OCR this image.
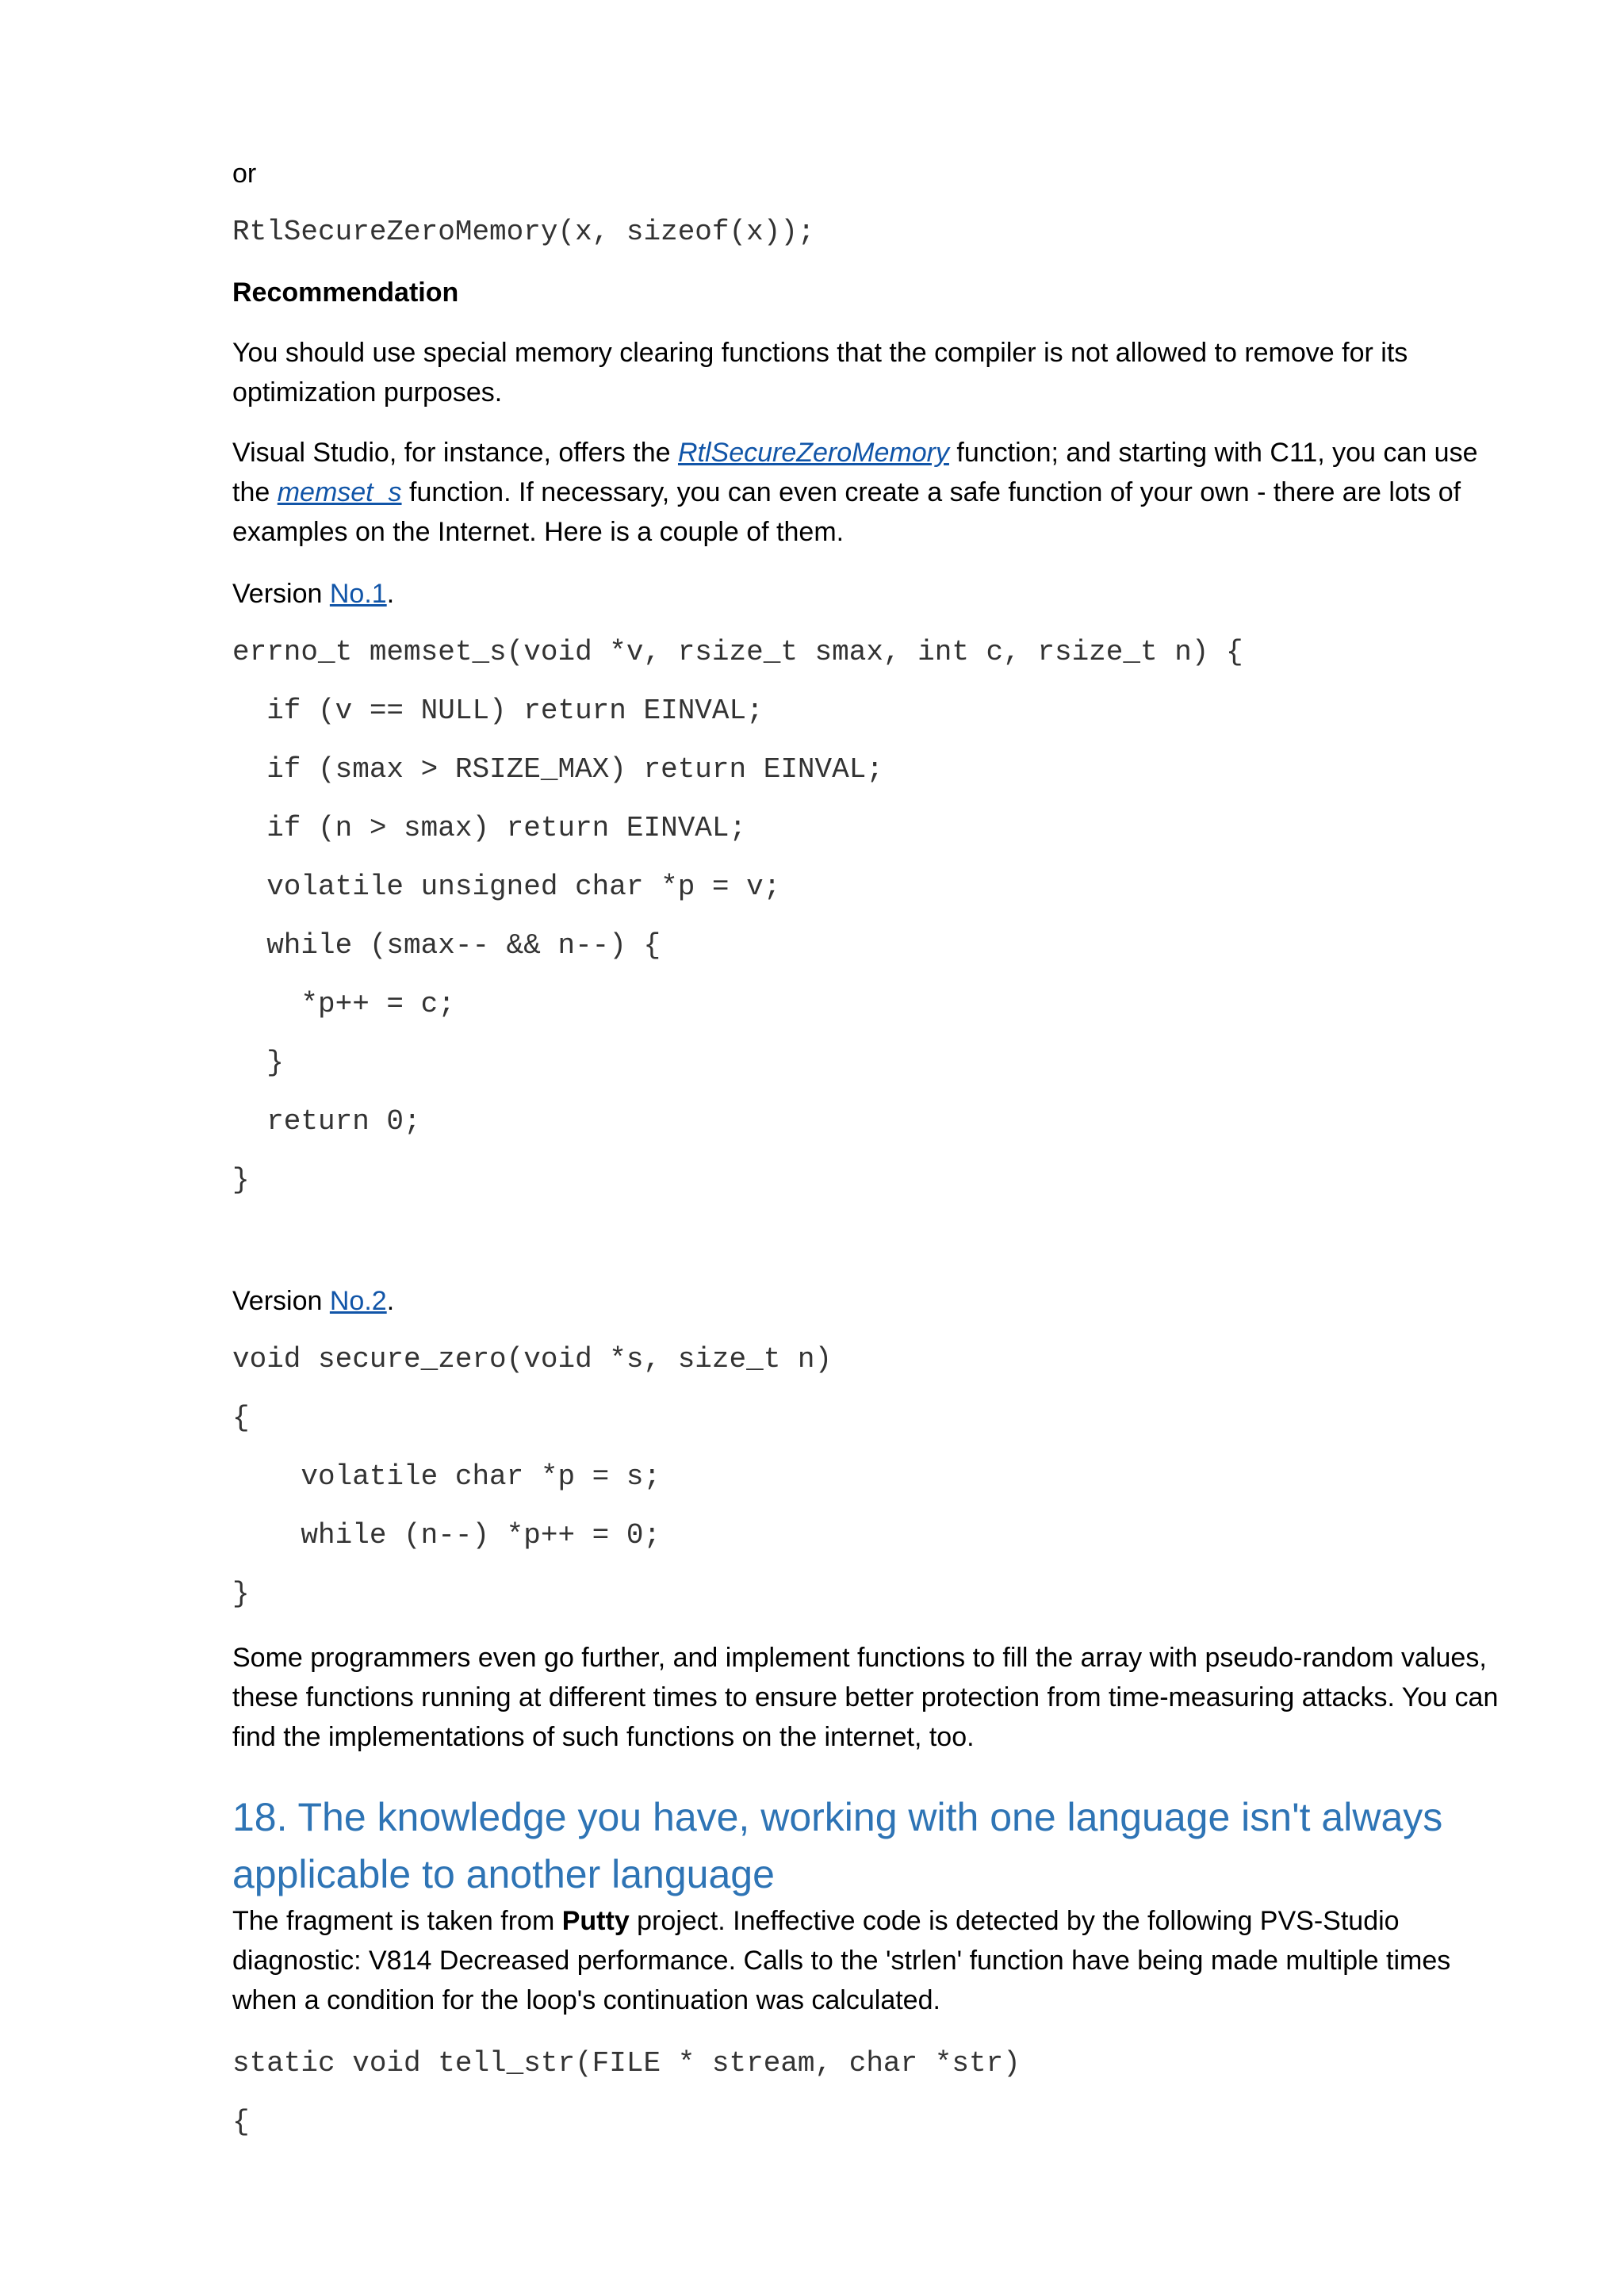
or

RtlSecureZeroMemory(x, sizeof(x));

Recommendation

You should use special memory clearing functions that the compiler is not allowed to remove for its optimization purposes.

Visual Studio, for instance, offers the RtlSecureZeroMemory function; and starting with C11, you can use the memset_s function. If necessary, you can even create a safe function of your own - there are lots of examples on the Internet. Here is a couple of them.

Version No.1.

errno_t memset_s(void *v, rsize_t smax, int c, rsize_t n) {
if (v == NULL) return EINVAL;
if (smax > RSIZE_MAX) return EINVAL;
if (n > smax) return EINVAL;
volatile unsigned char *p = v;
while (smax-- && n--) {
*p++ = c;
}
return 0;
}

Version No.2.

void secure_zero(void *s, size_t n)
{
volatile char *p = s;
while (n--) *p++ = 0;
}

Some programmers even go further, and implement functions to fill the array with pseudo-random values, these functions running at different times to ensure better protection from time-measuring attacks. You can find the implementations of such functions on the internet, too.

18. The knowledge you have, working with one language isn't always applicable to another language

The fragment is taken from Putty project. Ineffective code is detected by the following PVS-Studio diagnostic: V814 Decreased performance. Calls to the 'strlen' function have being made multiple times when a condition for the loop's continuation was calculated.

static void tell_str(FILE * stream, char *str)
{
